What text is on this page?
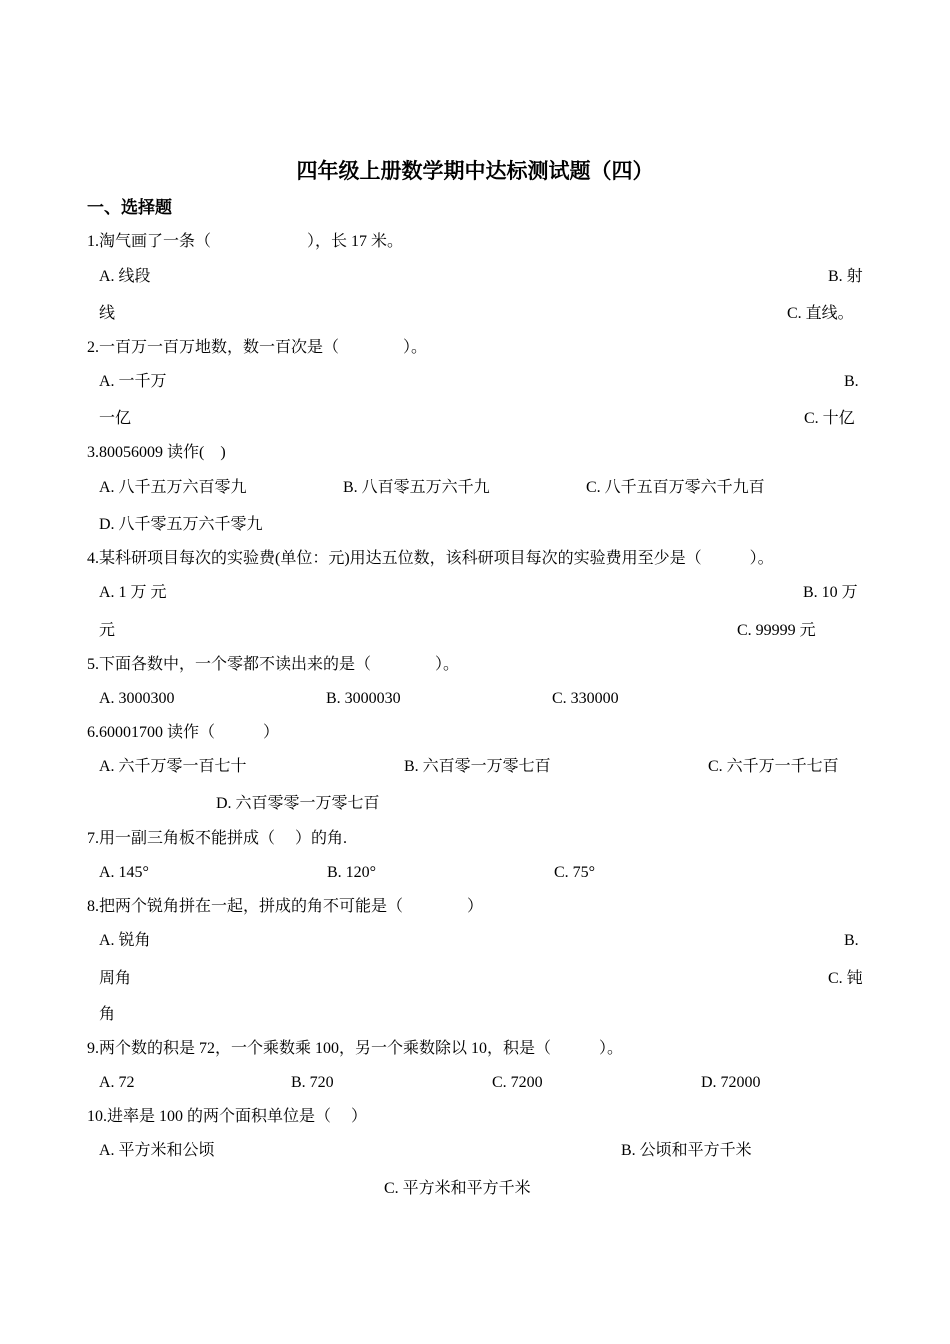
四年级上册数学期中达标测试题（四）
一、选择题
1.淘气画了一条（　　　　　　），长 17 米。
A. 线段	B. 射
线	C. 直线。
2.一百万一百万地数，数一百次是（　　　　）。
A. 一千万	B.
一亿	C. 十亿
3.80056009 读作(　)
A. 八千五万六百零九	B. 八百零五万六千九	C. 八千五百万零六千九百
D. 八千零五万六千零九
4.某科研项目每次的实验费(单位：元)用达五位数，该科研项目每次的实验费用至少是（　　　）。
A. 1 万 元	B. 10 万
元	C. 99999 元
5.下面各数中，一个零都不读出来的是（　　　　）。
A. 3000300	B. 3000030	C. 330000
6.60001700 读作（　　　）
A. 六千万零一百七十	B. 六百零一万零七百	C. 六千万一千七百
D. 六百零零一万零七百
7.用一副三角板不能拼成（　 ）的角.
A. 145°	B. 120°	C. 75°
8.把两个锐角拼在一起，拼成的角不可能是（　　　　）
A. 锐角	B.
周角	C. 钝
角
9.两个数的积是 72，一个乘数乘 100，另一个乘数除以 10，积是（　　　）。
A. 72	B. 720	C. 7200	D. 72000
10.进率是 100 的两个面积单位是（　 ）
A. 平方米和公顷	B. 公顷和平方千米
C. 平方米和平方千米
